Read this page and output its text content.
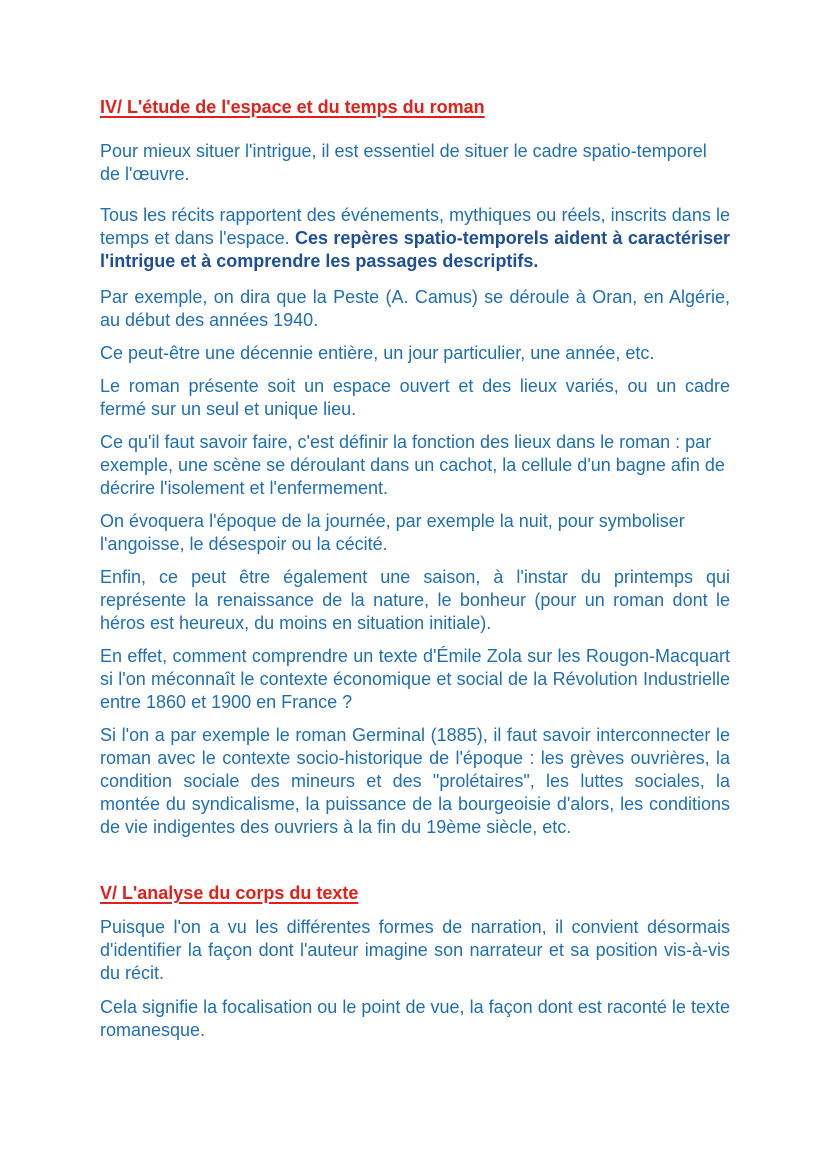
IV/ L'étude de l'espace et du temps du roman

Pour mieux situer l'intrigue, il est essentiel de situer le cadre spatio-temporel de l'œuvre.

Tous les récits rapportent des événements, mythiques ou réels, inscrits dans le temps et dans l'espace. Ces repères spatio-temporels aident à caractériser l'intrigue et à comprendre les passages descriptifs.

Par exemple, on dira que la Peste (A. Camus) se déroule à Oran, en Algérie, au début des années 1940.

Ce peut-être une décennie entière, un jour particulier, une année, etc.

Le roman présente soit un espace ouvert et des lieux variés, ou un cadre fermé sur un seul et unique lieu.

Ce qu'il faut savoir faire, c'est définir la fonction des lieux dans le roman : par exemple, une scène se déroulant dans un cachot, la cellule d'un bagne afin de décrire l'isolement et l'enfermement.

On évoquera l'époque de la journée, par exemple la nuit, pour symboliser l'angoisse, le désespoir ou la cécité.

Enfin, ce peut être également une saison, à l'instar du printemps qui représente la renaissance de la nature, le bonheur (pour un roman dont le héros est heureux, du moins en situation initiale).

En effet, comment comprendre un texte d'Émile Zola sur les Rougon-Macquart si l'on méconnaît le contexte économique et social de la Révolution Industrielle entre 1860 et 1900 en France ?

Si l'on a par exemple le roman Germinal (1885), il faut savoir interconnecter le roman avec le contexte socio-historique de l'époque : les grèves ouvrières, la condition sociale des mineurs et des "prolétaires", les luttes sociales, la montée du syndicalisme, la puissance de la bourgeoisie d'alors, les conditions de vie indigentes des ouvriers à la fin du 19ème siècle, etc.

V/ L'analyse du corps du texte

Puisque l'on a vu les différentes formes de narration, il convient désormais d'identifier la façon dont l'auteur imagine son narrateur et sa position vis-à-vis du récit.

Cela signifie la focalisation ou le point de vue, la façon dont est raconté le texte romanesque.
